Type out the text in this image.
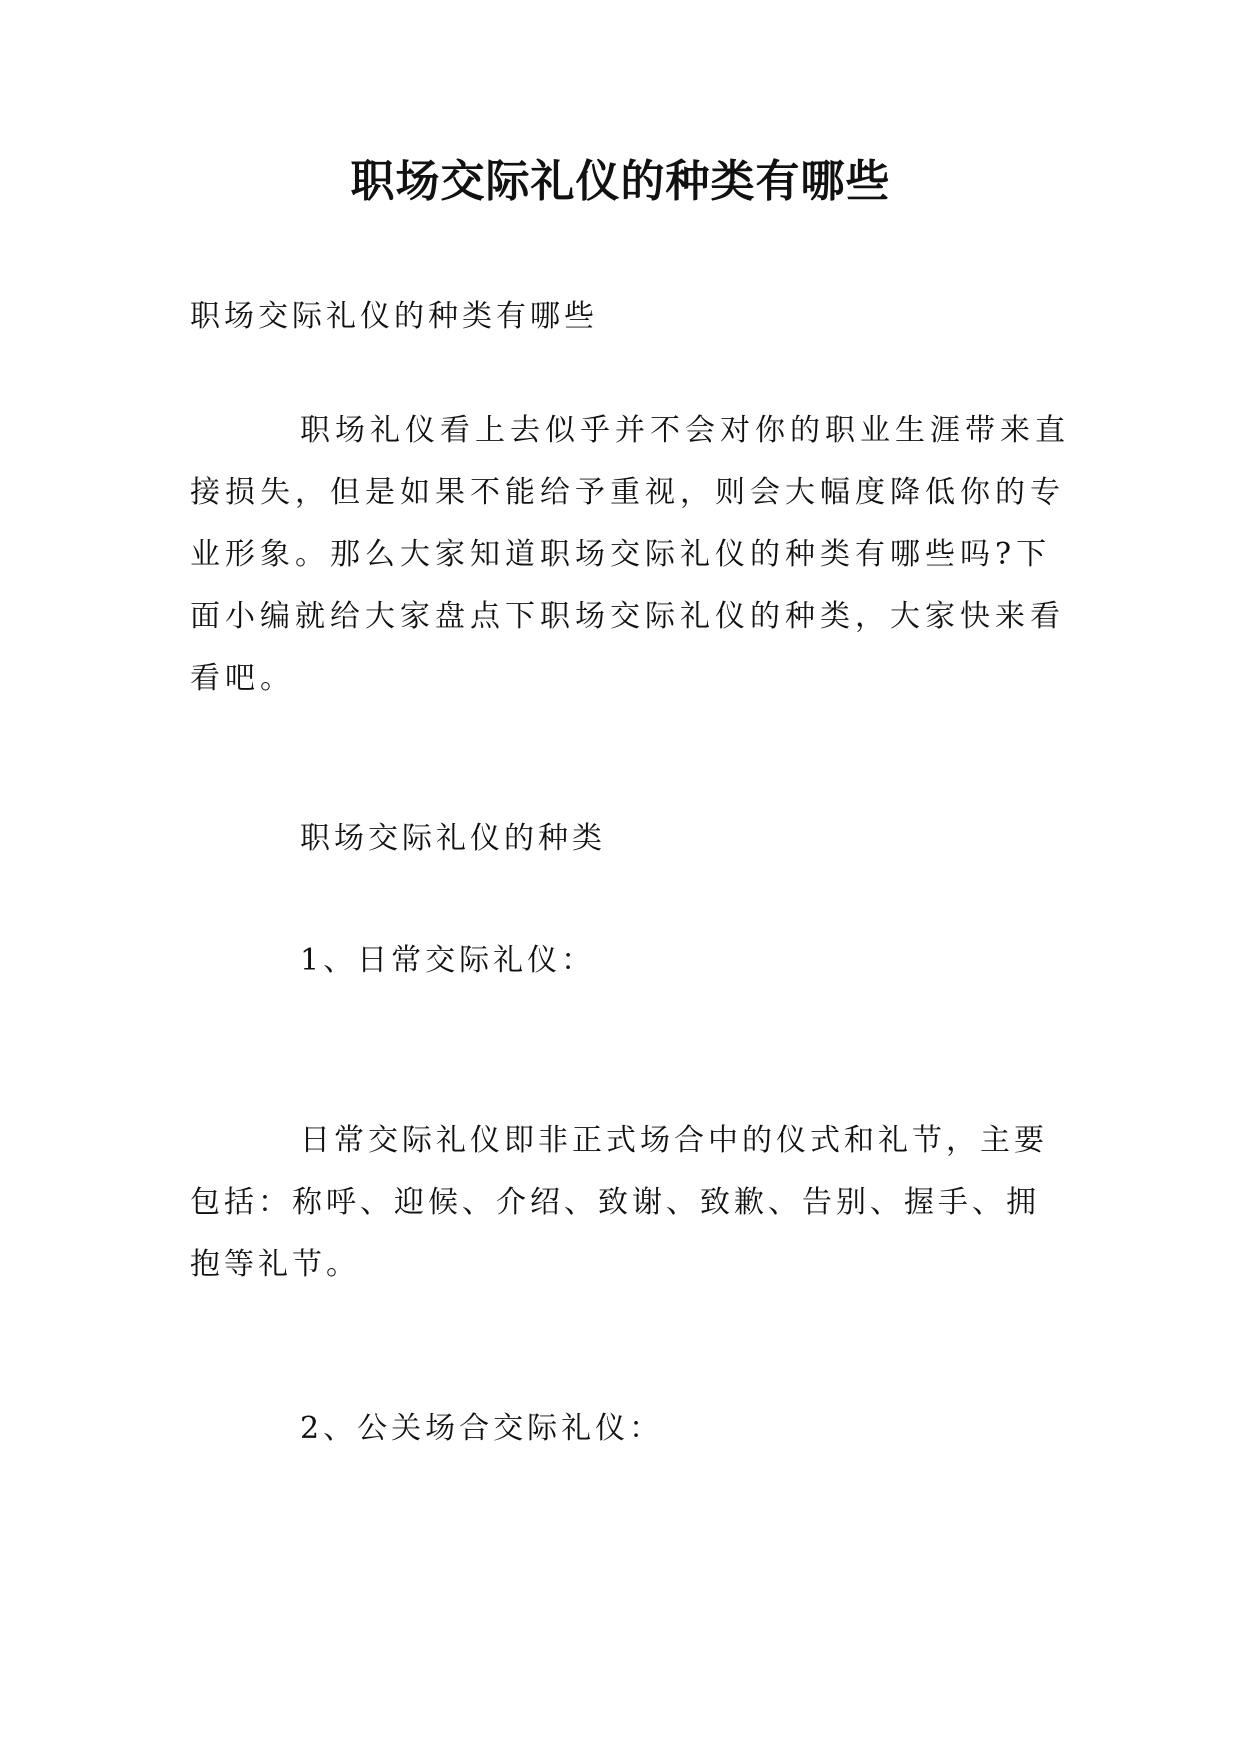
职场交际礼仪的种类有哪些

职场交际礼仪的种类有哪些

职场礼仪看上去似乎并不会对你的职业生涯带来直接损失，但是如果不能给予重视，则会大幅度降低你的专业形象。那么大家知道职场交际礼仪的种类有哪些吗?下面小编就给大家盘点下职场交际礼仪的种类，大家快来看看吧。

职场交际礼仪的种类

1、日常交际礼仪：

日常交际礼仪即非正式场合中的仪式和礼节，主要包括：称呼、迎候、介绍、致谢、致歉、告别、握手、拥抱等礼节。

2、公关场合交际礼仪：
